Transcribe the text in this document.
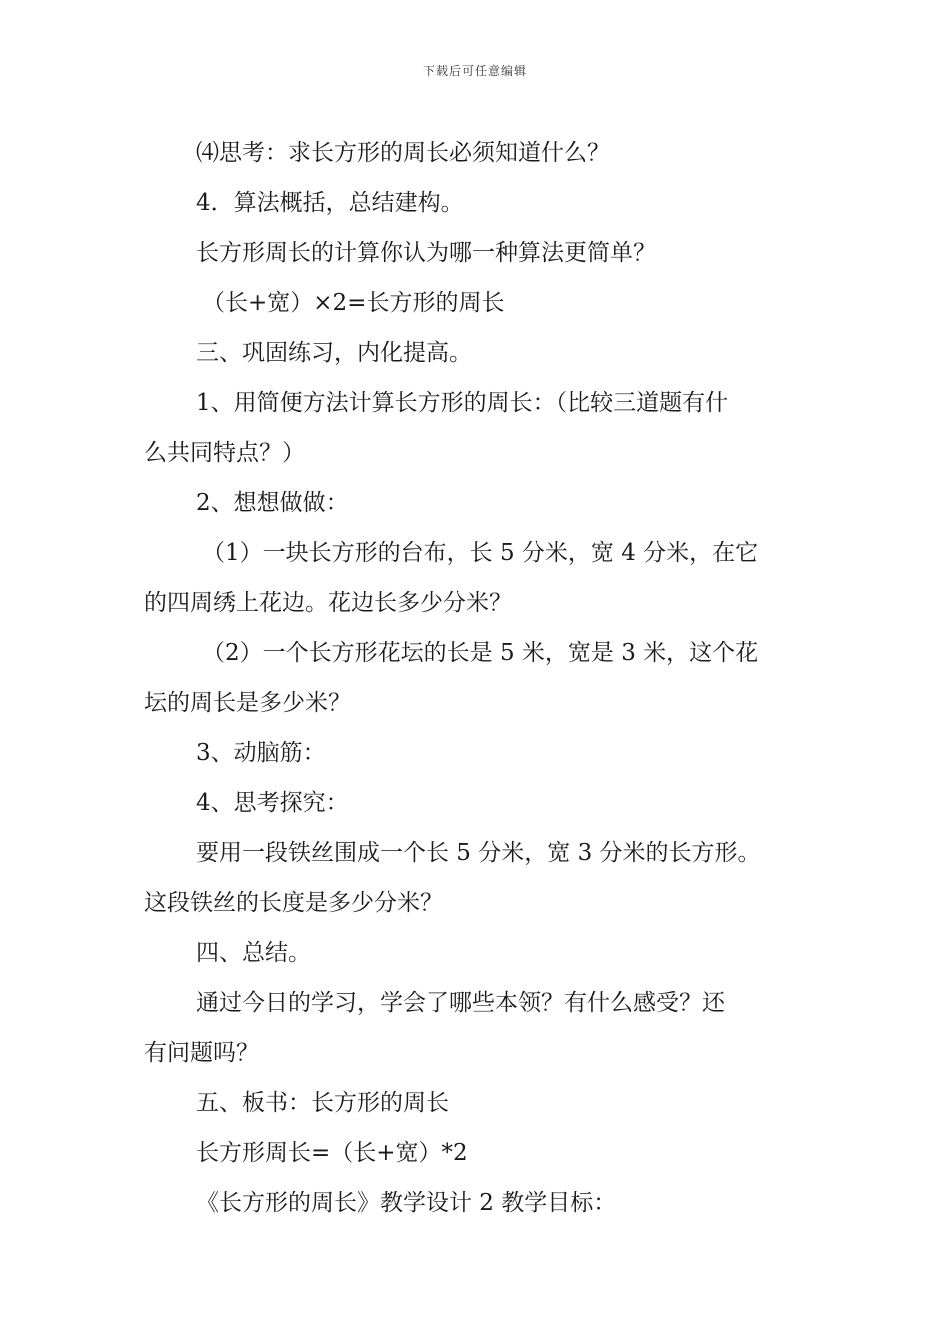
下载后可任意编辑

⑷思考：求长方形的周长必须知道什么？

4．算法概括，总结建构。

长方形周长的计算你认为哪一种算法更简单？

（长+宽）×2=长方形的周长

三、巩固练习，内化提高。

1、用简便方法计算长方形的周长：（比较三道题有什

么共同特点？）

2、想想做做：

（1）一块长方形的台布，长 5 分米，宽 4 分米，在它

的四周绣上花边。花边长多少分米？

（2）一个长方形花坛的长是 5 米，宽是 3 米，这个花

坛的周长是多少米？

3、动脑筋：

4、思考探究：

要用一段铁丝围成一个长 5 分米，宽 3 分米的长方形。

这段铁丝的长度是多少分米？

四、总结。

通过今日的学习，学会了哪些本领？有什么感受？还

有问题吗？

五、板书：长方形的周长

长方形周长=（长+宽）*2

《长方形的周长》教学设计 2 教学目标：
